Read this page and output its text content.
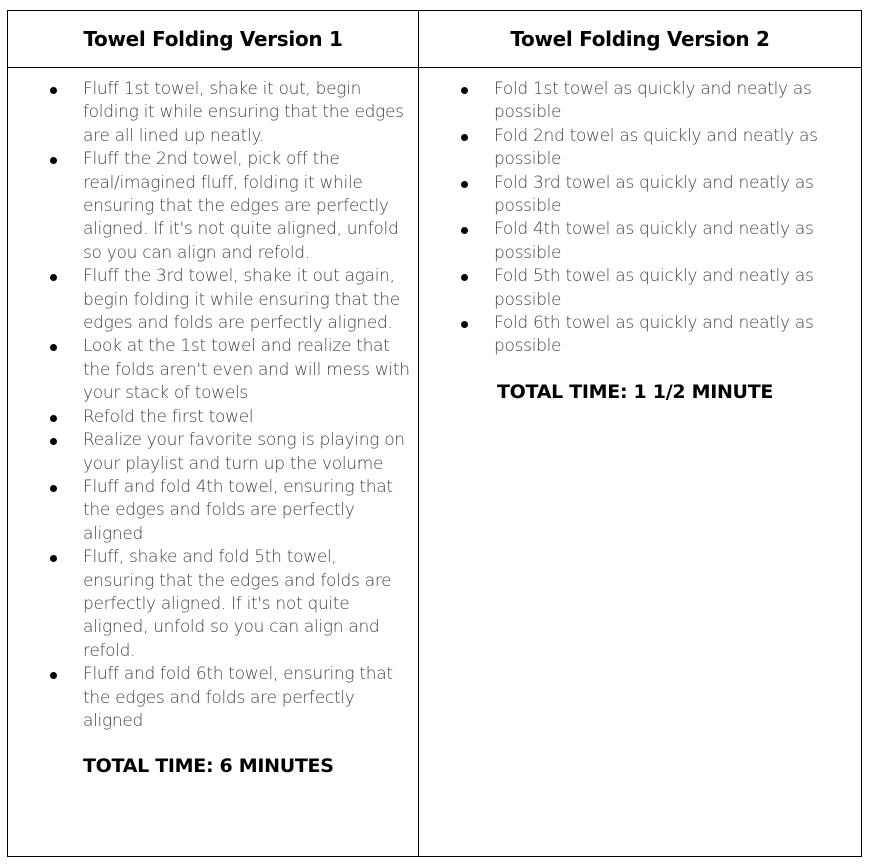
Towel Folding Version 1	Towel Folding Version 2
Fluff 1st towel, shake it out, begin folding it while ensuring that the edges are all lined up neatly.
Fluff the 2nd towel, pick off the real/imagined fluff, folding it while ensuring that the edges are perfectly aligned. If it's not quite aligned, unfold so you can align and refold.
Fluff the 3rd towel, shake it out again, begin folding it while ensuring that the edges and folds are perfectly aligned.
Look at the 1st towel and realize that the folds aren't even and will mess with your stack of towels
Refold the first towel
Realize your favorite song is playing on your playlist and turn up the volume
Fluff and fold 4th towel, ensuring that the edges and folds are perfectly aligned
Fluff, shake and fold 5th towel, ensuring that the edges and folds are perfectly aligned. If it's not quite aligned, unfold so you can align and refold.
Fluff and fold 6th towel, ensuring that the edges and folds are perfectly aligned
TOTAL TIME: 6 MINUTES
Fold 1st towel as quickly and neatly as possible
Fold 2nd towel as quickly and neatly as possible
Fold 3rd towel as quickly and neatly as possible
Fold 4th towel as quickly and neatly as possible
Fold 5th towel as quickly and neatly as possible
Fold 6th towel as quickly and neatly as possible
TOTAL TIME: 1 1/2 MINUTE
